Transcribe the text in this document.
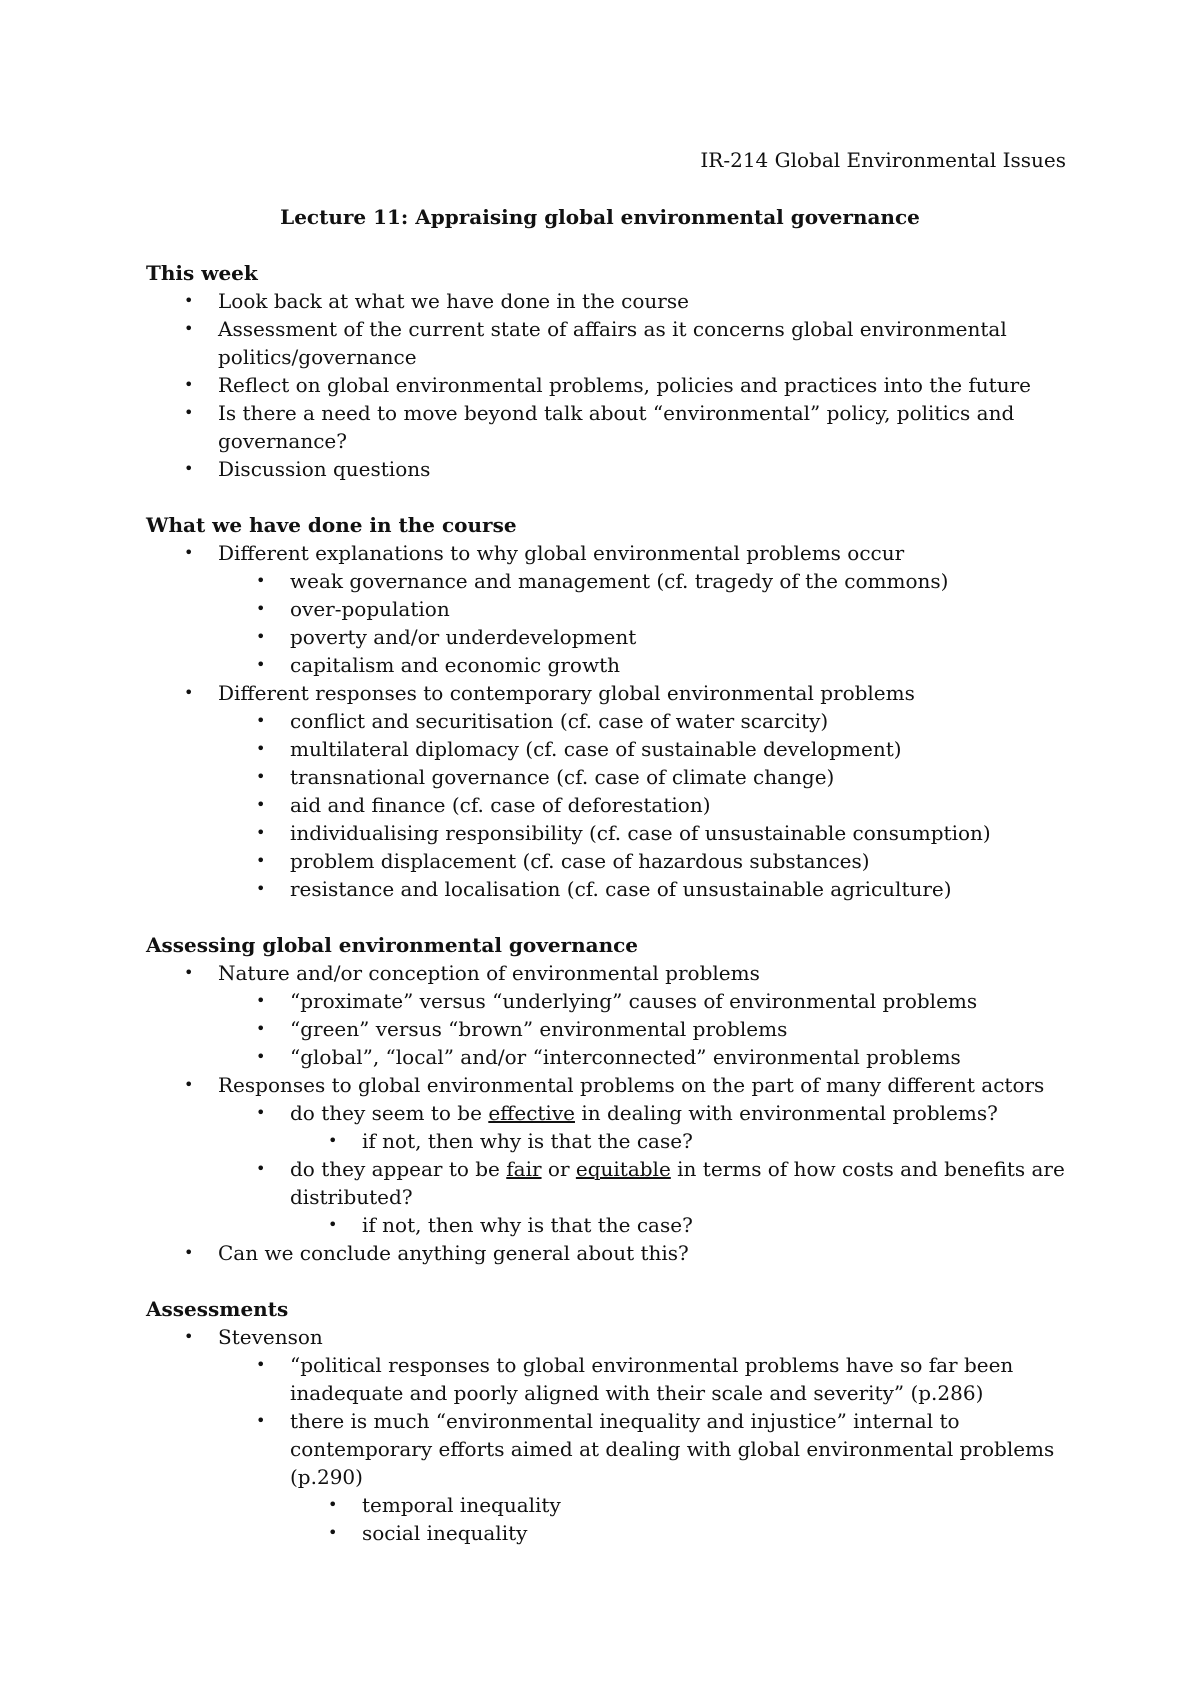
IR-214 Global Environmental Issues
Lecture 11: Appraising global environmental governance
This week
• Look back at what we have done in the course
• Assessment of the current state of affairs as it concerns global environmental politics/governance
• Reflect on global environmental problems, policies and practices into the future
• Is there a need to move beyond talk about “environmental” policy, politics and governance?
• Discussion questions
What we have done in the course
• Different explanations to why global environmental problems occur
• weak governance and management (cf. tragedy of the commons)
• over-population
• poverty and/or underdevelopment
• capitalism and economic growth
• Different responses to contemporary global environmental problems
• conflict and securitisation (cf. case of water scarcity)
• multilateral diplomacy (cf. case of sustainable development)
• transnational governance (cf. case of climate change)
• aid and finance (cf. case of deforestation)
• individualising responsibility (cf. case of unsustainable consumption)
• problem displacement (cf. case of hazardous substances)
• resistance and localisation (cf. case of unsustainable agriculture)
Assessing global environmental governance
• Nature and/or conception of environmental problems
• “proximate” versus “underlying” causes of environmental problems
• “green” versus “brown” environmental problems
• “global”, “local” and/or “interconnected” environmental problems
• Responses to global environmental problems on the part of many different actors
• do they seem to be effective in dealing with environmental problems?
• if not, then why is that the case?
• do they appear to be fair or equitable in terms of how costs and benefits are distributed?
• if not, then why is that the case?
• Can we conclude anything general about this?
Assessments
• Stevenson
• “political responses to global environmental problems have so far been inadequate and poorly aligned with their scale and severity” (p.286)
• there is much “environmental inequality and injustice” internal to contemporary efforts aimed at dealing with global environmental problems (p.290)
• temporal inequality
• social inequality
